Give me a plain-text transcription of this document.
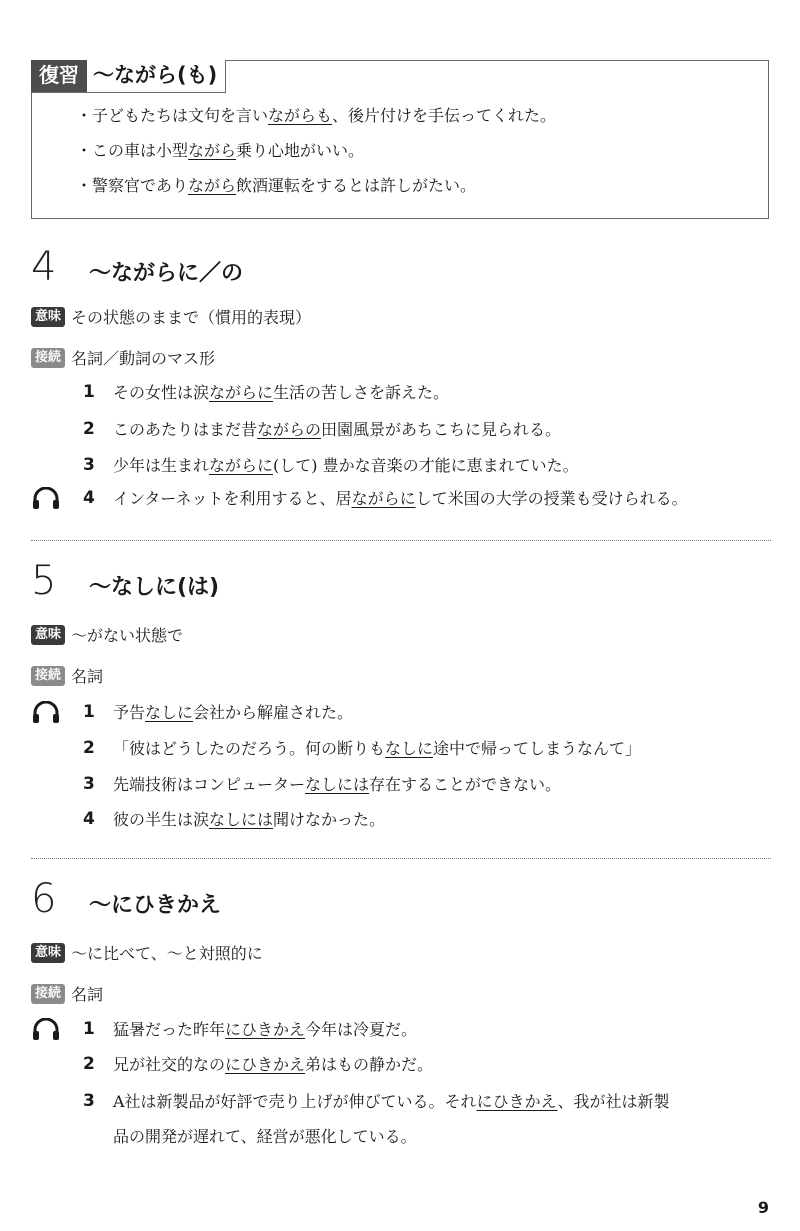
復習 〜ながら(も)
・子どもたちは文句を言いながらも、後片付けを手伝ってくれた。
・この車は小型ながら乗り心地がいい。
・警察官でありながら飲酒運転をするとは許しがたい。
4	〜ながらに／の
意味 その状態のままで（慣用的表現）
接続 名詞／動詞のマス形
1	その女性は涙ながらに生活の苦しさを訴えた。
2	このあたりはまだ昔ながらの田園風景があちこちに見られる。
3	少年は生まれながらに(して) 豊かな音楽の才能に恵まれていた。
4	インターネットを利用すると、居ながらにして米国の大学の授業も受けられる。
5	〜なしに(は)
意味 〜がない状態で
接続 名詞
1	予告なしに会社から解雇された。
2	「彼はどうしたのだろう。何の断りもなしに途中で帰ってしまうなんて」
3	先端技術はコンピューターなしには存在することができない。
4	彼の半生は涙なしには聞けなかった。
6	〜にひきかえ
意味 〜に比べて、〜と対照的に
接続 名詞
1	猛暑だった昨年にひきかえ今年は冷夏だ。
2	兄が社交的なのにひきかえ弟はもの静かだ。
3	A社は新製品が好評で売り上げが伸びている。それにひきかえ、我が社は新製
品の開発が遅れて、経営が悪化している。
9
